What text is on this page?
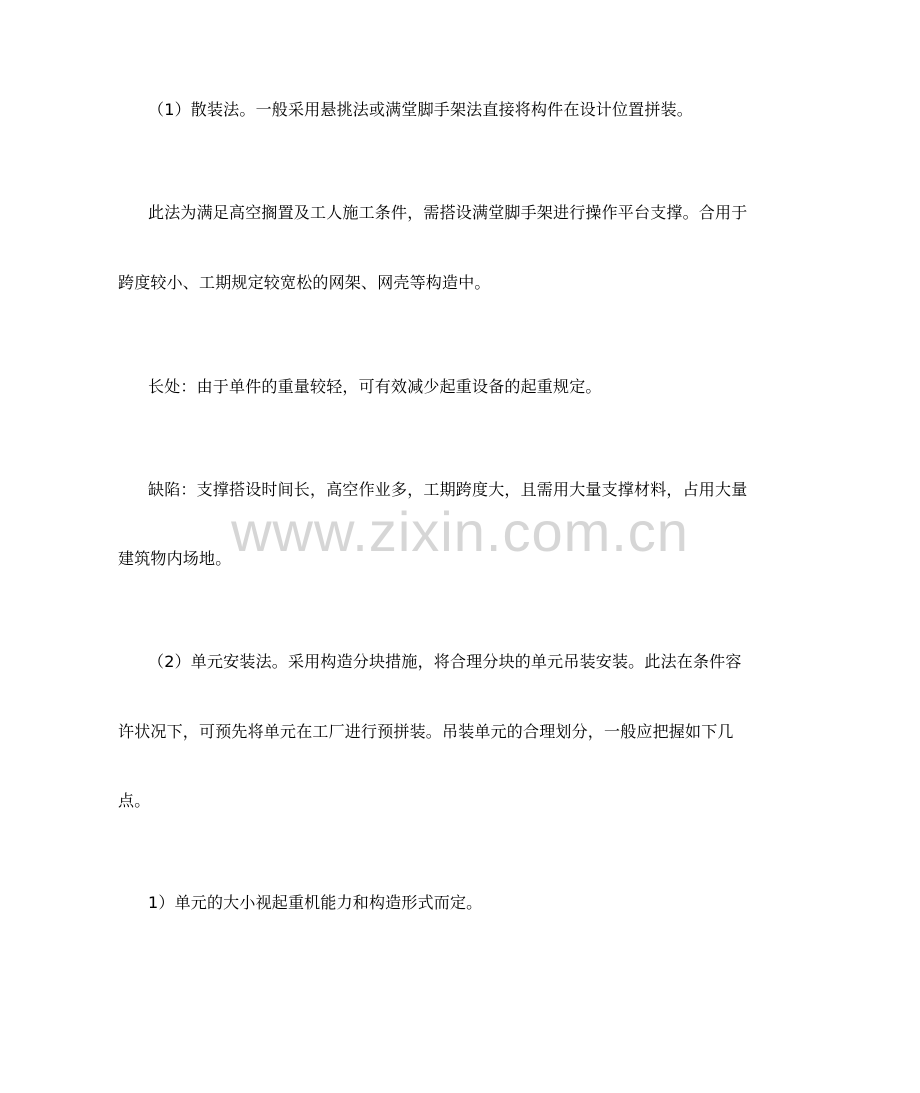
（1）散装法。一般采用悬挑法或满堂脚手架法直接将构件在设计位置拼装。
此法为满足高空搁置及工人施工条件，需搭设满堂脚手架进行操作平台支撑。合用于
跨度较小、工期规定较宽松的网架、网壳等构造中。
长处：由于单件的重量较轻，可有效减少起重设备的起重规定。
缺陷：支撑搭设时间长，高空作业多，工期跨度大，且需用大量支撑材料，占用大量
建筑物内场地。
（2）单元安装法。采用构造分块措施，将合理分块的单元吊装安装。此法在条件容
许状况下，可预先将单元在工厂进行预拼装。吊装单元的合理划分，一般应把握如下几
点。
1）单元的大小视起重机能力和构造形式而定。
www.zixin.com.cn
